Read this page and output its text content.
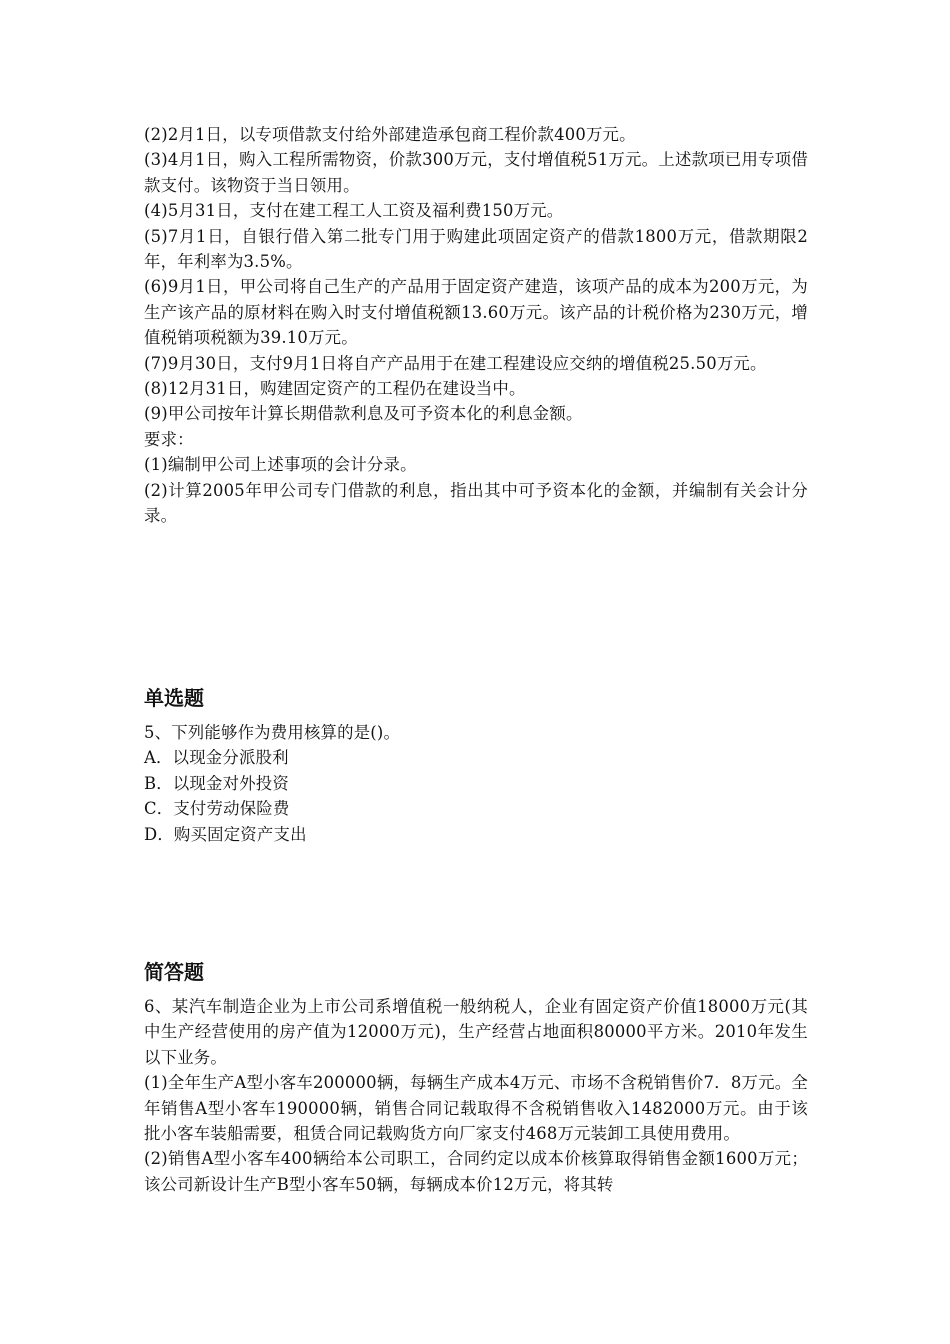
(2)2月1日，以专项借款支付给外部建造承包商工程价款400万元。

(3)4月1日，购入工程所需物资，价款300万元，支付增值税51万元。上述款项已用专项借款支付。该物资于当日领用。

(4)5月31日，支付在建工程工人工资及福利费150万元。

(5)7月1日，自银行借入第二批专门用于购建此项固定资产的借款1800万元，借款期限2年，年利率为3.5%。

(6)9月1日，甲公司将自己生产的产品用于固定资产建造，该项产品的成本为200万元，为生产该产品的原材料在购入时支付增值税额13.60万元。该产品的计税价格为230万元，增值税销项税额为39.10万元。

(7)9月30日，支付9月1日将自产产品用于在建工程建设应交纳的增值税25.50万元。

(8)12月31日，购建固定资产的工程仍在建设当中。

(9)甲公司按年计算长期借款利息及可予资本化的利息金额。

要求：

(1)编制甲公司上述事项的会计分录。

(2)计算2005年甲公司专门借款的利息，指出其中可予资本化的金额，并编制有关会计分录。

单选题

5、下列能够作为费用核算的是()。

A．以现金分派股利

B．以现金对外投资

C．支付劳动保险费

D．购买固定资产支出

简答题

6、某汽车制造企业为上市公司系增值税一般纳税人，企业有固定资产价值18000万元(其中生产经营使用的房产值为12000万元)，生产经营占地面积80000平方米。2010年发生以下业务。

(1)全年生产A型小客车200000辆，每辆生产成本4万元、市场不含税销售价7．8万元。全年销售A型小客车190000辆，销售合同记载取得不含税销售收入1482000万元。由于该批小客车装船需要，租赁合同记载购货方向厂家支付468万元装卸工具使用费用。

(2)销售A型小客车400辆给本公司职工，合同约定以成本价核算取得销售金额1600万元；该公司新设计生产B型小客车50辆，每辆成本价12万元，将其转
